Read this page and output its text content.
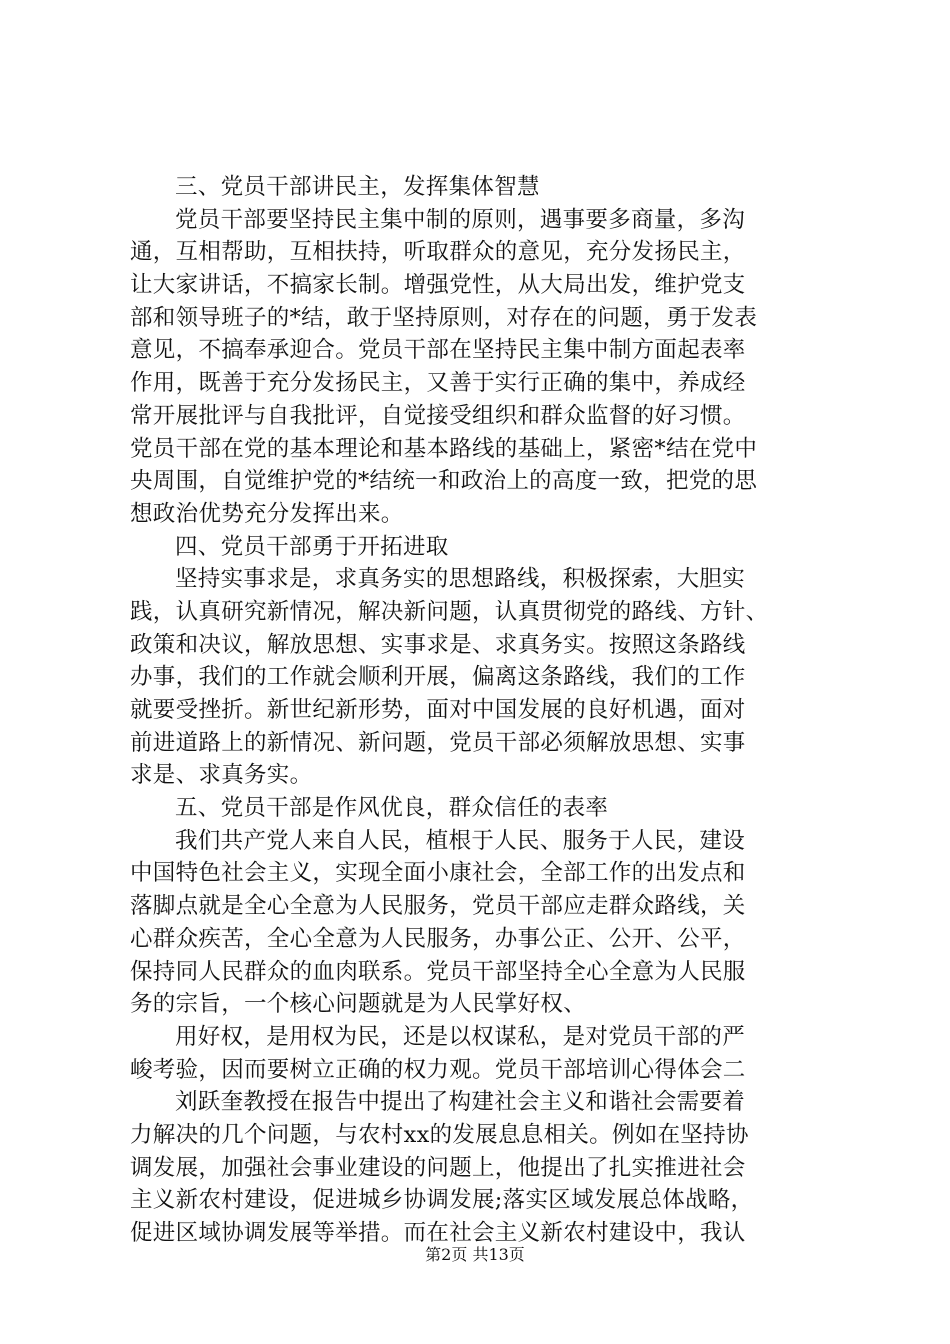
三、党员干部讲民主，发挥集体智慧
党员干部要坚持民主集中制的原则，遇事要多商量，多沟
通，互相帮助，互相扶持，听取群众的意见，充分发扬民主，
让大家讲话，不搞家长制。增强党性，从大局出发，维护党支
部和领导班子的*结，敢于坚持原则，对存在的问题，勇于发表
意见，不搞奉承迎合。党员干部在坚持民主集中制方面起表率
作用，既善于充分发扬民主，又善于实行正确的集中，养成经
常开展批评与自我批评，自觉接受组织和群众监督的好习惯。
党员干部在党的基本理论和基本路线的基础上，紧密*结在党中
央周围，自觉维护党的*结统一和政治上的高度一致，把党的思
想政治优势充分发挥出来。
四、党员干部勇于开拓进取
坚持实事求是，求真务实的思想路线，积极探索，大胆实
践，认真研究新情况，解决新问题，认真贯彻党的路线、方针、
政策和决议，解放思想、实事求是、求真务实。按照这条路线
办事，我们的工作就会顺利开展，偏离这条路线，我们的工作
就要受挫折。新世纪新形势，面对中国发展的良好机遇，面对
前进道路上的新情况、新问题，党员干部必须解放思想、实事
求是、求真务实。
五、党员干部是作风优良，群众信任的表率
我们共产党人来自人民，植根于人民、服务于人民，建设
中国特色社会主义，实现全面小康社会，全部工作的出发点和
落脚点就是全心全意为人民服务，党员干部应走群众路线，关
心群众疾苦，全心全意为人民服务，办事公正、公开、公平，
保持同人民群众的血肉联系。党员干部坚持全心全意为人民服
务的宗旨，一个核心问题就是为人民掌好权、
用好权，是用权为民，还是以权谋私，是对党员干部的严
峻考验，因而要树立正确的权力观。党员干部培训心得体会二
刘跃奎教授在报告中提出了构建社会主义和谐社会需要着
力解决的几个问题，与农村xx的发展息息相关。例如在坚持协
调发展，加强社会事业建设的问题上，他提出了扎实推进社会
主义新农村建设，促进城乡协调发展;落实区域发展总体战略，
促进区域协调发展等举措。而在社会主义新农村建设中，我认
第2页 共13页
